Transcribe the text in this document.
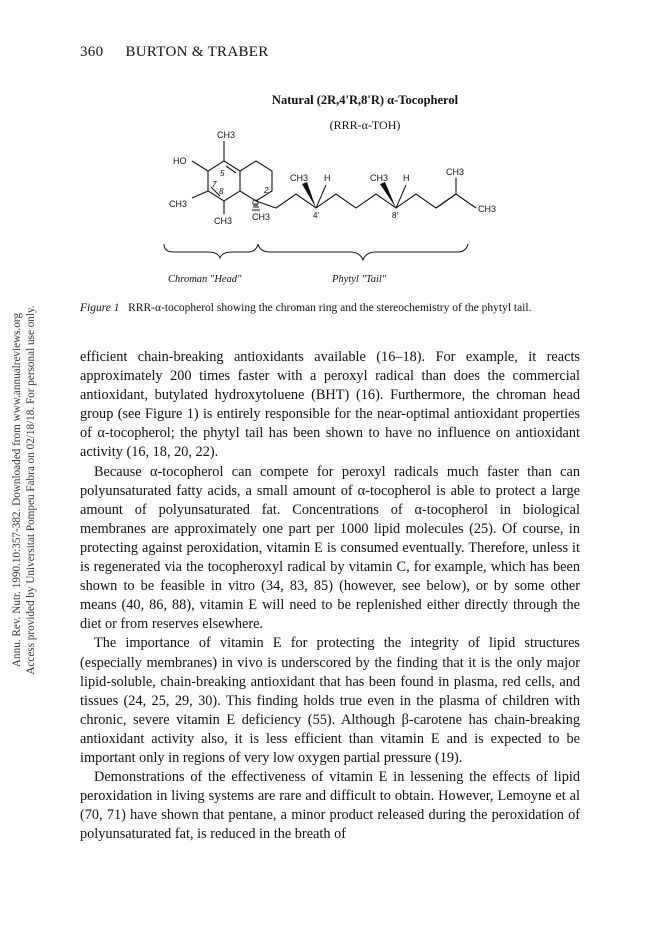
Annu. Rev. Nutr. 1990.10:357-382. Downloaded from www.annualreviews.org Access provided by Universitat Pompeu Fabra on 02/18/18. For personal use only.
360 BURTON & TRABER
Natural (2R,4'R,8'R) α-Tocopherol
(RRR-α-TOH)
CH3
HO
CH3
CH3
O
CH3
5
7
8	2
CH3 H
4'
CH3 H
8'
CH3
CH3
Chroman "Head"	Phytyl "Tail"
Figure 1 RRR-α-tocopherol showing the chroman ring and the stereochemistry of the phytyl tail.

efficient chain-breaking antioxidants available (16–18). For example, it reacts approximately 200 times faster with a peroxyl radical than does the commercial antioxidant, butylated hydroxytoluene (BHT) (16). Furthermore, the chroman head group (see Figure 1) is entirely responsible for the near-optimal antioxidant properties of α-tocopherol; the phytyl tail has been shown to have no influence on antioxidant activity (16, 18, 20, 22).

Because α-tocopherol can compete for peroxyl radicals much faster than can polyunsaturated fatty acids, a small amount of α-tocopherol is able to protect a large amount of polyunsaturated fat. Concentrations of α-tocopherol in biological membranes are approximately one part per 1000 lipid molecules (25). Of course, in protecting against peroxidation, vitamin E is consumed eventually. Therefore, unless it is regenerated via the tocopheroxyl radical by vitamin C, for example, which has been shown to be feasible in vitro (34, 83, 85) (however, see below), or by some other means (40, 86, 88), vitamin E will need to be replenished either directly through the diet or from reserves elsewhere.

The importance of vitamin E for protecting the integrity of lipid structures (especially membranes) in vivo is underscored by the finding that it is the only major lipid-soluble, chain-breaking antioxidant that has been found in plasma, red cells, and tissues (24, 25, 29, 30). This finding holds true even in the plasma of children with chronic, severe vitamin E deficiency (55). Although β-carotene has chain-breaking antioxidant activity also, it is less efficient than vitamin E and is expected to be important only in regions of very low oxygen partial pressure (19).

Demonstrations of the effectiveness of vitamin E in lessening the effects of lipid peroxidation in living systems are rare and difficult to obtain. However, Lemoyne et al (70, 71) have shown that pentane, a minor product released during the peroxidation of polyunsaturated fat, is reduced in the breath of
